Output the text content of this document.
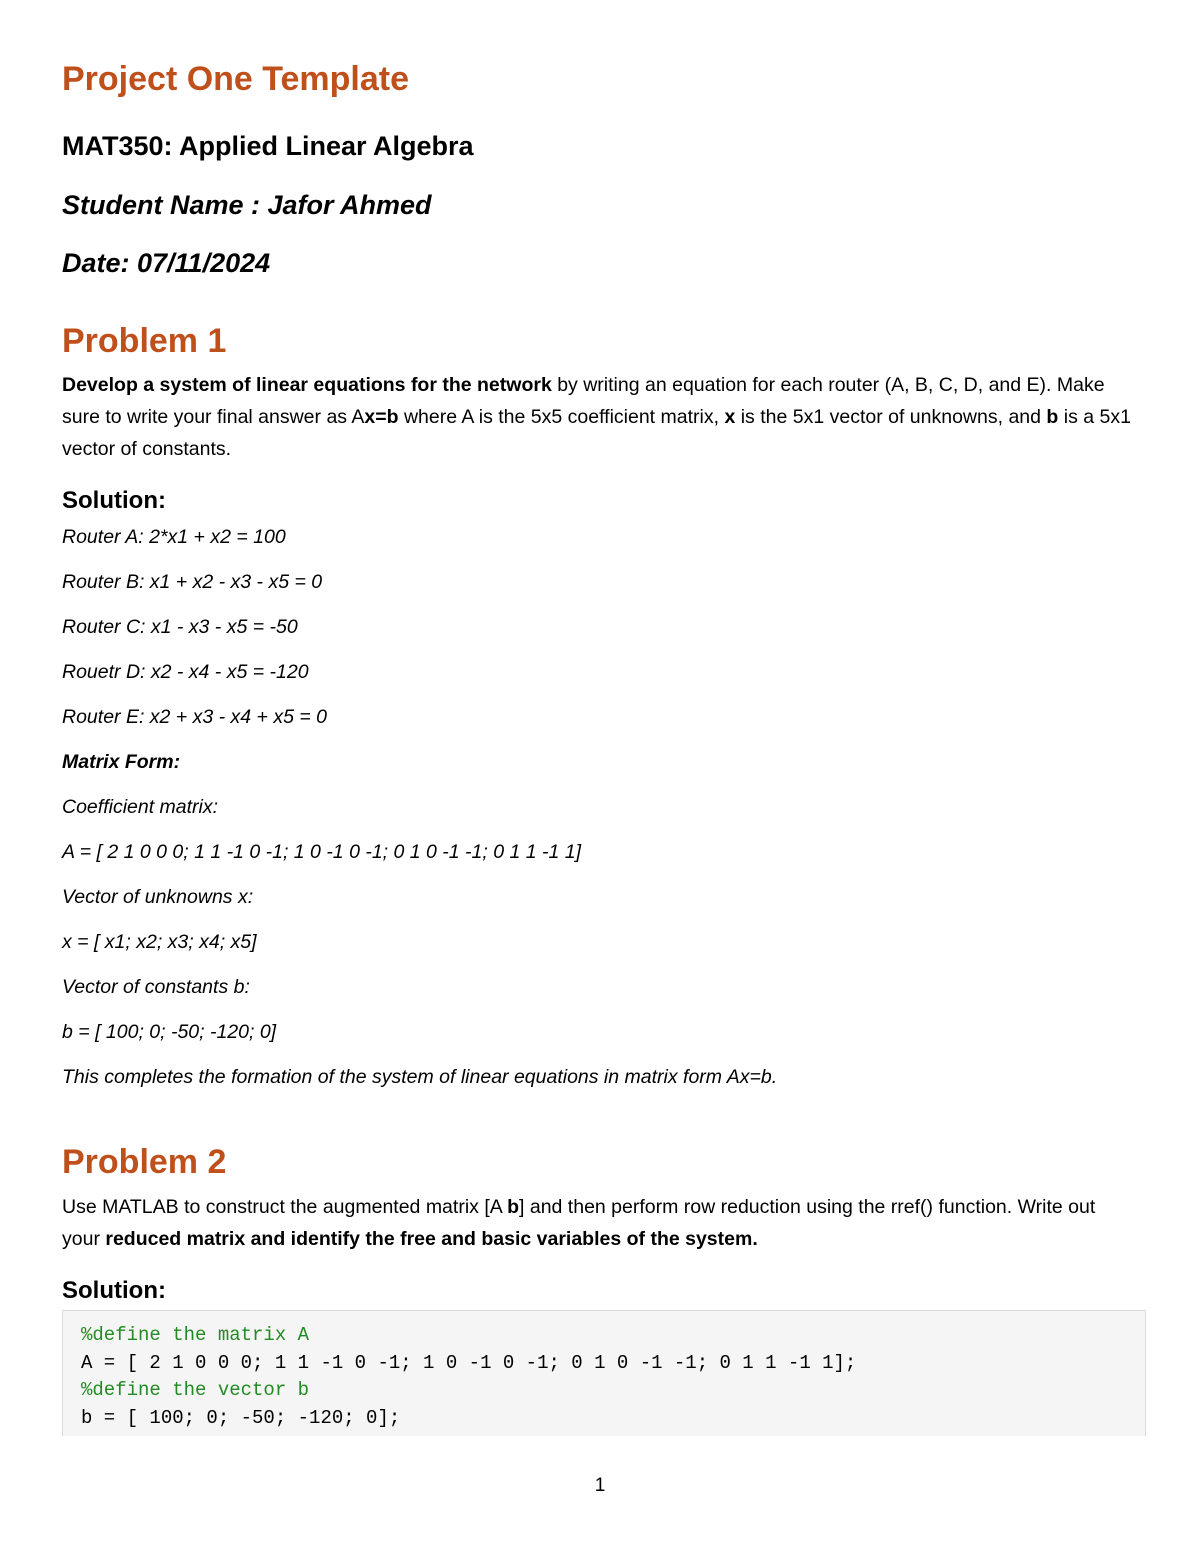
Project One Template
MAT350: Applied Linear Algebra
Student Name : Jafor Ahmed
Date: 07/11/2024
Problem 1

Develop a system of linear equations for the network by writing an equation for each router (A, B, C, D, and E). Make sure to write your final answer as Ax=b where A is the 5x5 coefficient matrix, x is the 5x1 vector of unknowns, and b is a 5x1 vector of constants.

Solution:

Router A: 2*x1 + x2 = 100

Router B: x1 + x2 - x3 - x5 = 0

Router C: x1 - x3 - x5 = -50

Rouetr D: x2 - x4 - x5 = -120

Router E: x2 + x3 - x4 + x5 = 0

Matrix Form:

Coefficient matrix:

A = [ 2 1 0 0 0; 1 1 -1 0 -1; 1 0 -1 0 -1; 0 1 0 -1 -1; 0 1 1 -1 1]

Vector of unknowns x:

x = [ x1; x2; x3; x4; x5]

Vector of constants b:

b = [ 100; 0; -50; -120; 0]

This completes the formation of the system of linear equations in matrix form Ax=b.

Problem 2

Use MATLAB to construct the augmented matrix [A b] and then perform row reduction using the rref() function. Write out your reduced matrix and identify the free and basic variables of the system.

Solution:
%define the matrix A
A = [ 2 1 0 0 0; 1 1 -1 0 -1; 1 0 -1 0 -1; 0 1 0 -1 -1; 0 1 1 -1 1];
%define the vector b
b = [ 100; 0; -50; -120; 0];
1
